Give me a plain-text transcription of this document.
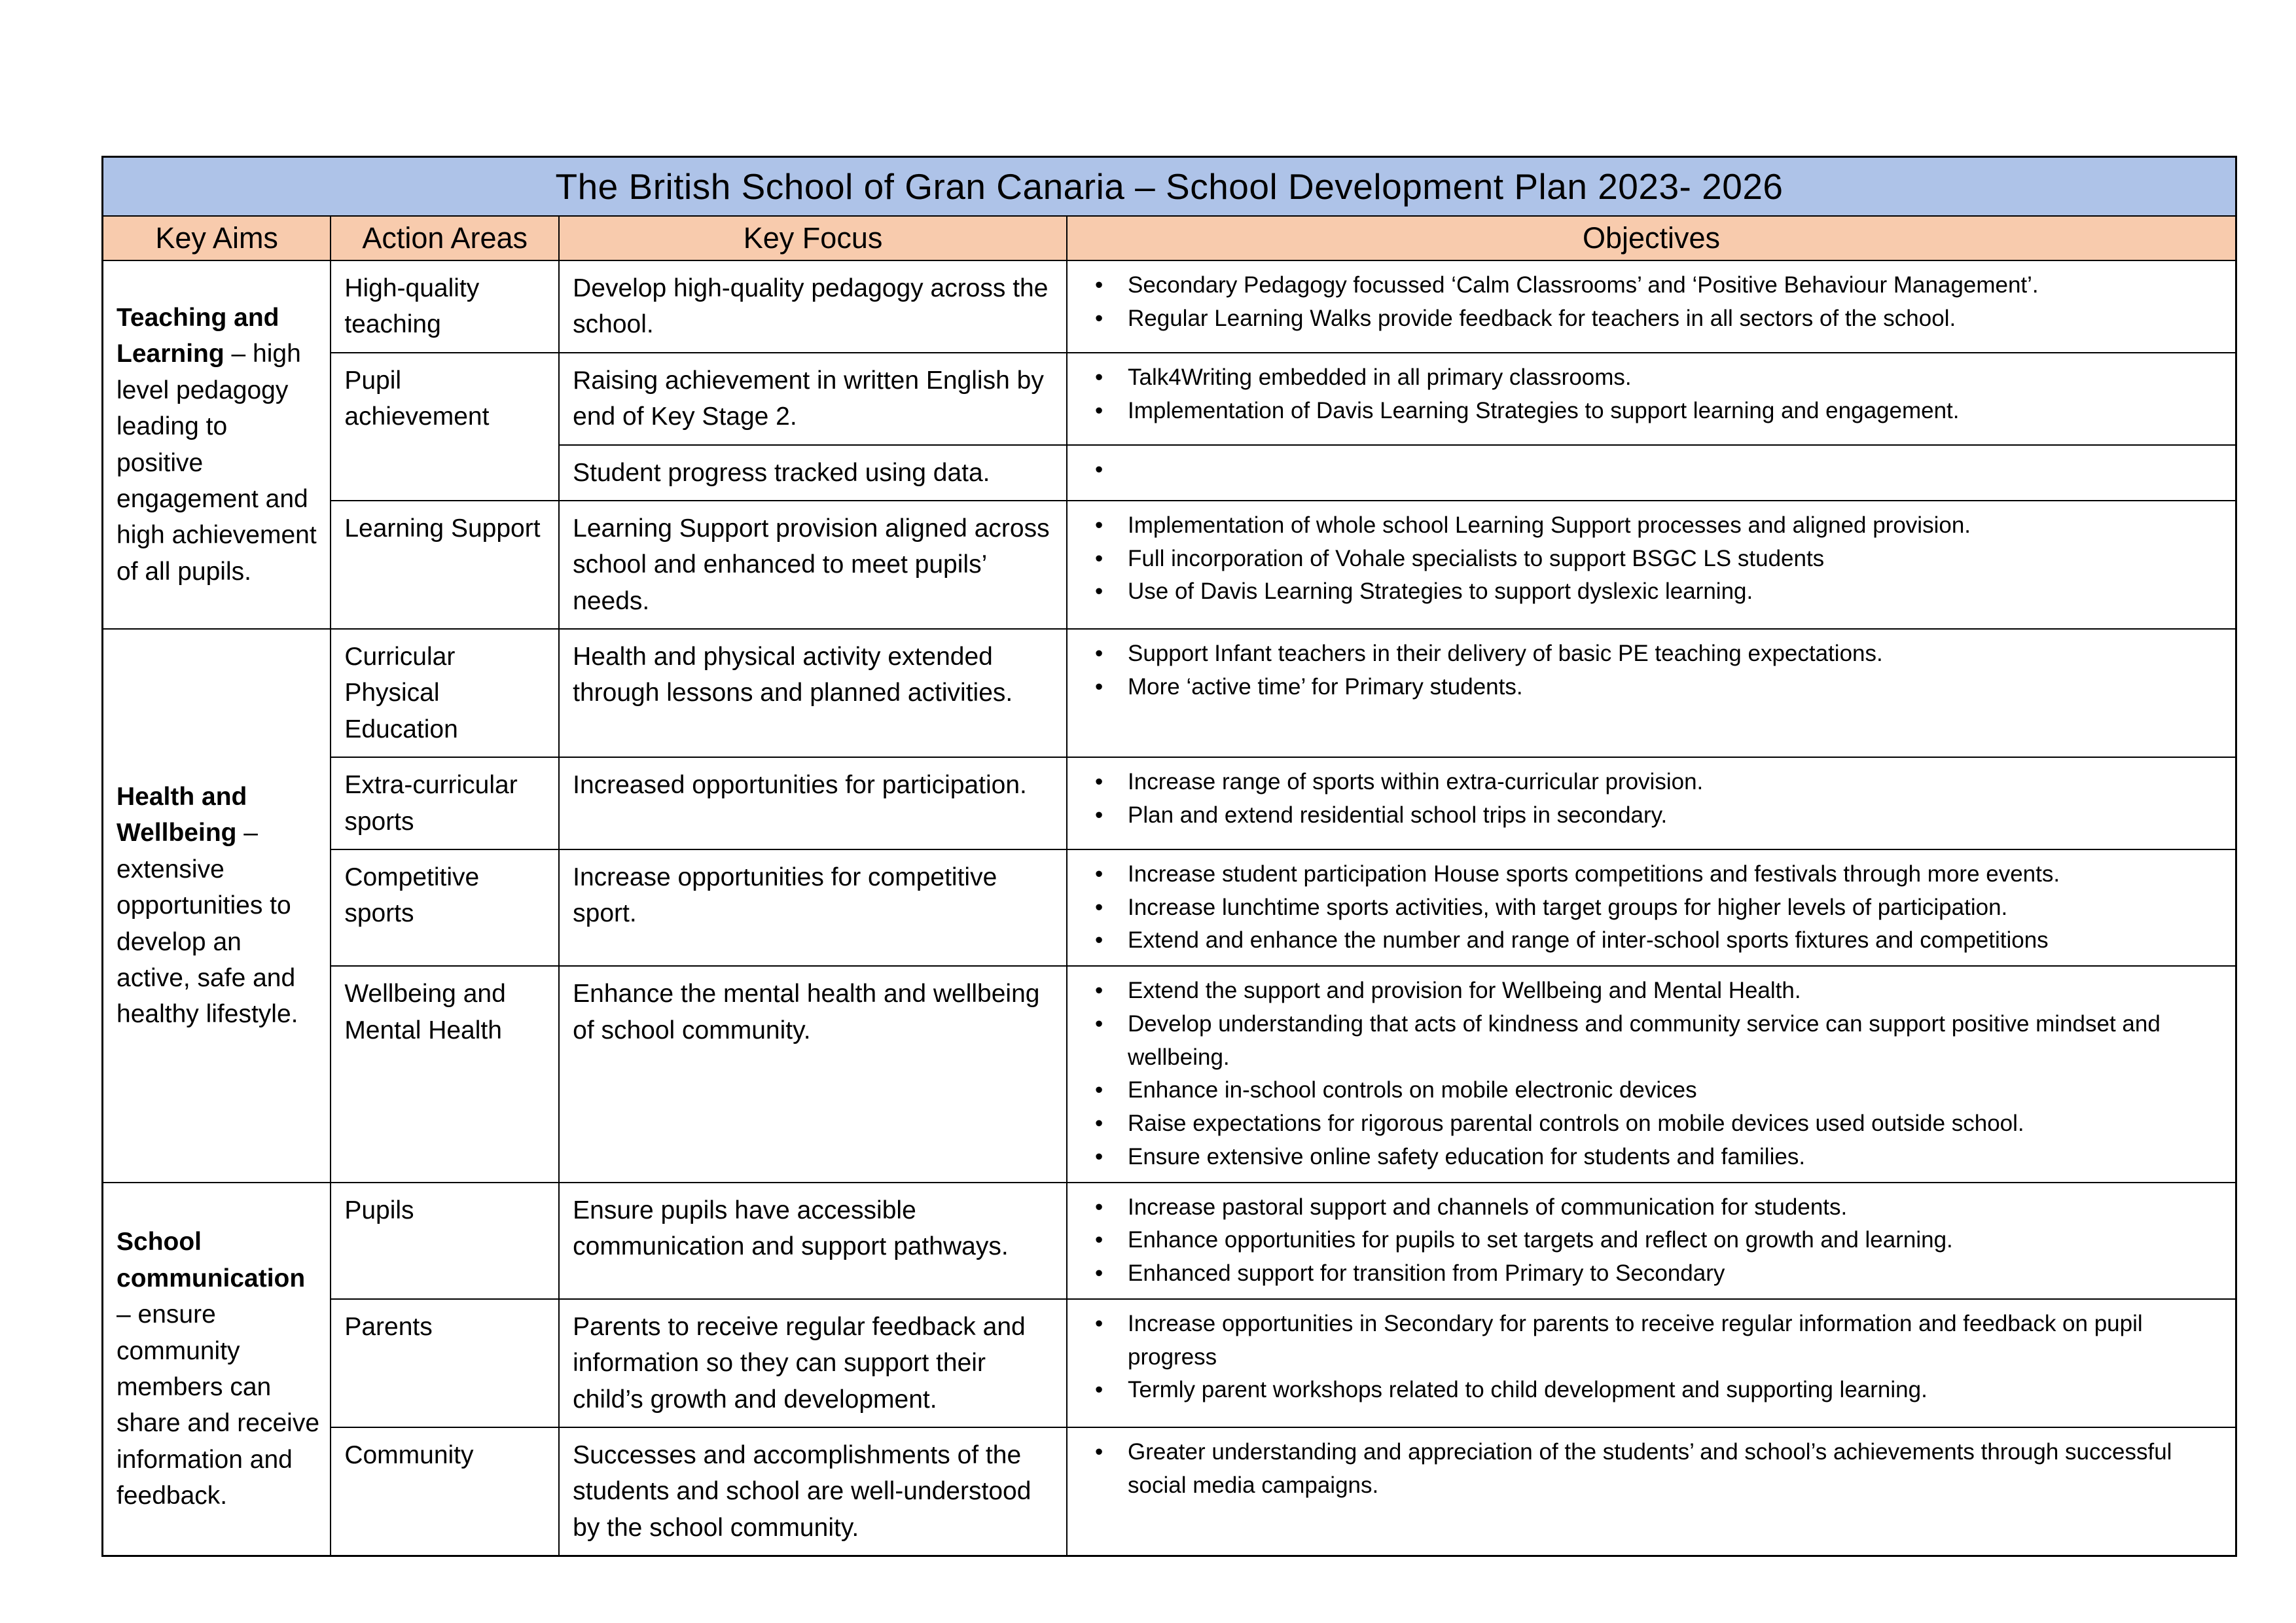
The British School of Gran Canaria – School Development Plan 2023- 2026			
Key Aims	Action Areas	Key Focus	Objectives
Teaching and Learning – high level pedagogy leading to positive engagement and high achievement of all pupils.	High-quality teaching	Develop high-quality pedagogy across the school.	
• Secondary Pedagogy focussed ‘Calm Classrooms’ and ‘Positive Behaviour Management’.
• Regular Learning Walks provide feedback for teachers in all sectors of the school.

Pupil achievement	Raising achievement in written English by end of Key Stage 2.	
• Talk4Writing embedded in all primary classrooms.
• Implementation of Davis Learning Strategies to support learning and engagement.

Student progress tracked using data.	
•

Learning Support	Learning Support provision aligned across school and enhanced to meet pupils’ needs.	
• Implementation of whole school Learning Support processes and aligned provision.
• Full incorporation of Vohale specialists to support BSGC LS students
• Use of Davis Learning Strategies to support dyslexic learning.

Health and Wellbeing – extensive opportunities to develop an active, safe and healthy lifestyle.	Curricular Physical Education	Health and physical activity extended through lessons and planned activities.	
• Support Infant teachers in their delivery of basic PE teaching expectations.
• More ‘active time’ for Primary students.

Extra-curricular sports	Increased opportunities for participation.	
•Increase range of sports within extra-curricular provision.
• Plan and extend residential school trips in secondary.

Competitive sports	Increase opportunities for competitive sport.	
• Increase student participation House sports competitions and festivals through more events.
• Increase lunchtime sports activities, with target groups for higher levels of participation.
• Extend and enhance the number and range of inter-school sports fixtures and competitions

Wellbeing and Mental Health	Enhance the mental health and wellbeing of school community.	
• Extend the support and provision for Wellbeing and Mental Health.
• Develop understanding that acts of kindness and community service can support positive mindset and wellbeing.
• Enhance in-school controls on mobile electronic devices
• Raise expectations for rigorous parental controls on mobile devices used outside school.
• Ensure extensive online safety education for students and families.

School communication – ensure community members can share and receive information and feedback.	Pupils	Ensure pupils have accessible communication and support pathways.	
• Increase pastoral support and channels of communication for students.
• Enhance opportunities for pupils to set targets and reflect on growth and learning.
• Enhanced support for transition from Primary to Secondary

Parents	Parents to receive regular feedback and information so they can support their child’s growth and development.	
• Increase opportunities in Secondary for parents to receive regular information and feedback on pupil progress
• Termly parent workshops related to child development and supporting learning.

Community	Successes and accomplishments of the students and school are well-understood by the school community.	
• Greater understanding and appreciation of the students’ and school’s achievements through successful social media campaigns.
